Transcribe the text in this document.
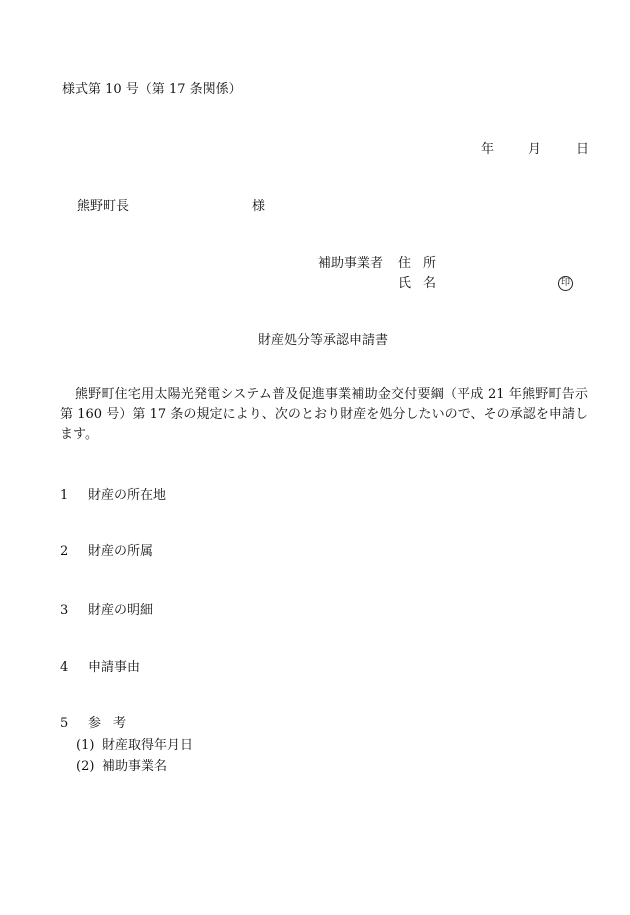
様式第 10 号（第 17 条関係）
年	月	日
熊野町長	様
補助事業者 住所
氏名	印
財産処分等承認申請書
熊野町住宅用太陽光発電システム普及促進事業補助金交付要綱（平成 21 年熊野町告示第 160 号）第 17 条の規定により、次のとおり財産を処分したいので、その承認を申請します。
1 財産の所在地
2 財産の所属
3 財産の明細
4 申請事由
5 参考
(1) 財産取得年月日
(2) 補助事業名
